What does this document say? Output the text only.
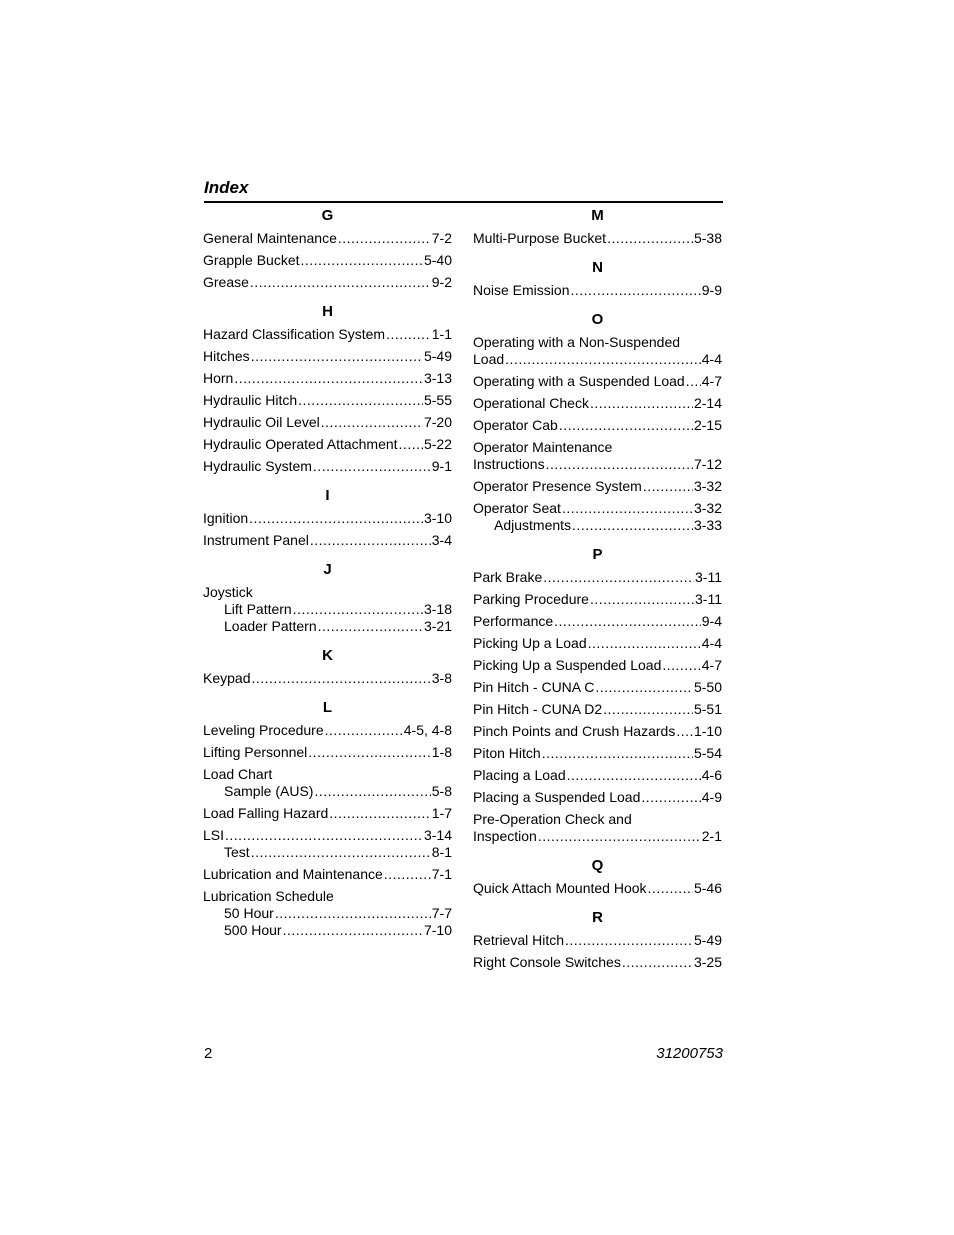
Index
G
General Maintenance .....	7-2
Grapple Bucket .....	5-40
Grease .....	9-2
H
Hazard Classification System .....	1-1
Hitches .....	5-49
Horn .....	3-13
Hydraulic Hitch .....	5-55
Hydraulic Oil Level .....	7-20
Hydraulic Operated Attachment ..... 5-22
Hydraulic System .....	9-1
I
Ignition .....	3-10
Instrument Panel .....	3-4
J
Joystick
Lift Pattern .....	3-18
Loader Pattern .....	3-21
K
Keypad .....	3-8
L
Leveling Procedure .....	4-5, 4-8
Lifting Personnel .....	1-8
Load Chart
Sample (AUS) .....	5-8
Load Falling Hazard .....	1-7
LSI .....	3-14
Test .....	8-1
Lubrication and Maintenance .....	7-1
Lubrication Schedule
50 Hour .....	7-7
500 Hour .....	7-10
M
Multi-Purpose Bucket .....	5-38
N
Noise Emission .....	9-9
O
Operating with a Non-Suspended
Load .....	4-4
Operating with a Suspended Load ..... 4-7
Operational Check .....	2-14
Operator Cab .....	2-15
Operator Maintenance
Instructions .....	7-12
Operator Presence System .....	3-32
Operator Seat .....	3-32
Adjustments .....	3-33
P
Park Brake .....	3-11
Parking Procedure .....	3-11
Performance .....	9-4
Picking Up a Load .....	4-4
Picking Up a Suspended Load .....	4-7
Pin Hitch - CUNA C .....	5-50
Pin Hitch - CUNA D2 .....	5-51
Pinch Points and Crush Hazards ..... 1-10
Piton Hitch .....	5-54
Placing a Load .....	4-6
Placing a Suspended Load .....	4-9
Pre-Operation Check and
Inspection .....	2-1
Q
Quick Attach Mounted Hook .....	5-46
R
Retrieval Hitch .....	5-49
Right Console Switches .....	3-25
2	31200753
